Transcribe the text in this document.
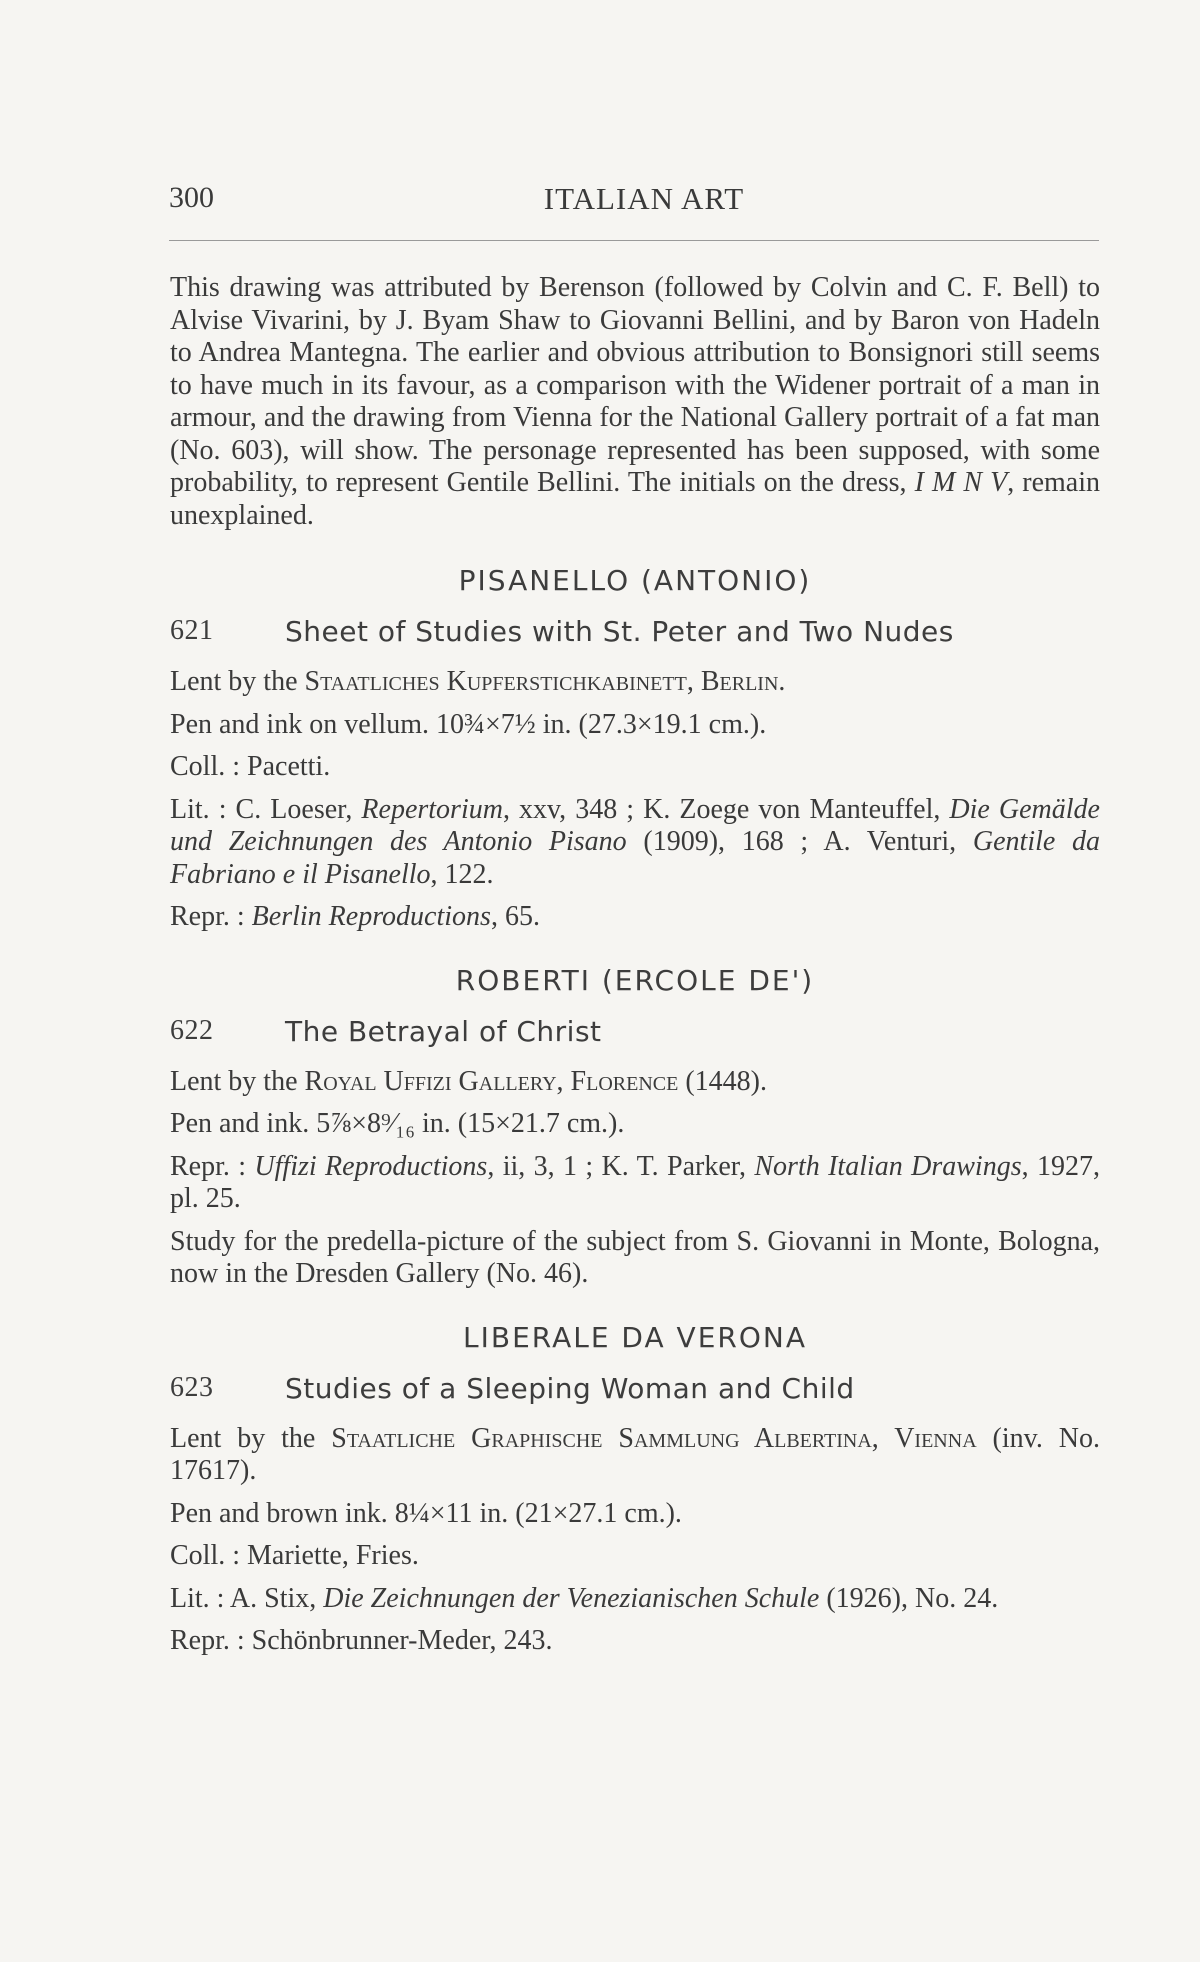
300	ITALIAN ART

This drawing was attributed by Berenson (followed by Colvin and C. F. Bell) to Alvise Vivarini, by J. Byam Shaw to Giovanni Bellini, and by Baron von Hadeln to Andrea Mantegna. The earlier and obvious attribution to Bonsignori still seems to have much in its favour, as a comparison with the Widener portrait of a man in armour, and the drawing from Vienna for the National Gallery portrait of a fat man (No. 603), will show. The personage represented has been supposed, with some probability, to represent Gentile Bellini. The initials on the dress, I M N V, remain unexplained.

PISANELLO (ANTONIO)
621	Sheet of Studies with St. Peter and Two Nudes

Lent by the Staatliches Kupferstichkabinett, Berlin.

Pen and ink on vellum. 10¾×7½ in. (27.3×19.1 cm.).

Coll. : Pacetti.

Lit. : C. Loeser, Repertorium, xxv, 348 ; K. Zoege von Manteuffel, Die Gemälde und Zeichnungen des Antonio Pisano (1909), 168 ; A. Venturi, Gentile da Fabriano e il Pisanello, 122.

Repr. : Berlin Reproductions, 65.

ROBERTI (ERCOLE DE')
622	The Betrayal of Christ

Lent by the Royal Uffizi Gallery, Florence (1448).

Pen and ink. 5⅞×8⁹⁄₁₆ in. (15×21.7 cm.).

Repr. : Uffizi Reproductions, ii, 3, 1 ; K. T. Parker, North Italian Drawings, 1927, pl. 25.

Study for the predella-picture of the subject from S. Giovanni in Monte, Bologna, now in the Dresden Gallery (No. 46).

LIBERALE DA VERONA
623	Studies of a Sleeping Woman and Child

Lent by the Staatliche Graphische Sammlung Albertina, Vienna (inv. No. 17617).

Pen and brown ink. 8¼×11 in. (21×27.1 cm.).

Coll. : Mariette, Fries.

Lit. : A. Stix, Die Zeichnungen der Venezianischen Schule (1926), No. 24.

Repr. : Schönbrunner-Meder, 243.
